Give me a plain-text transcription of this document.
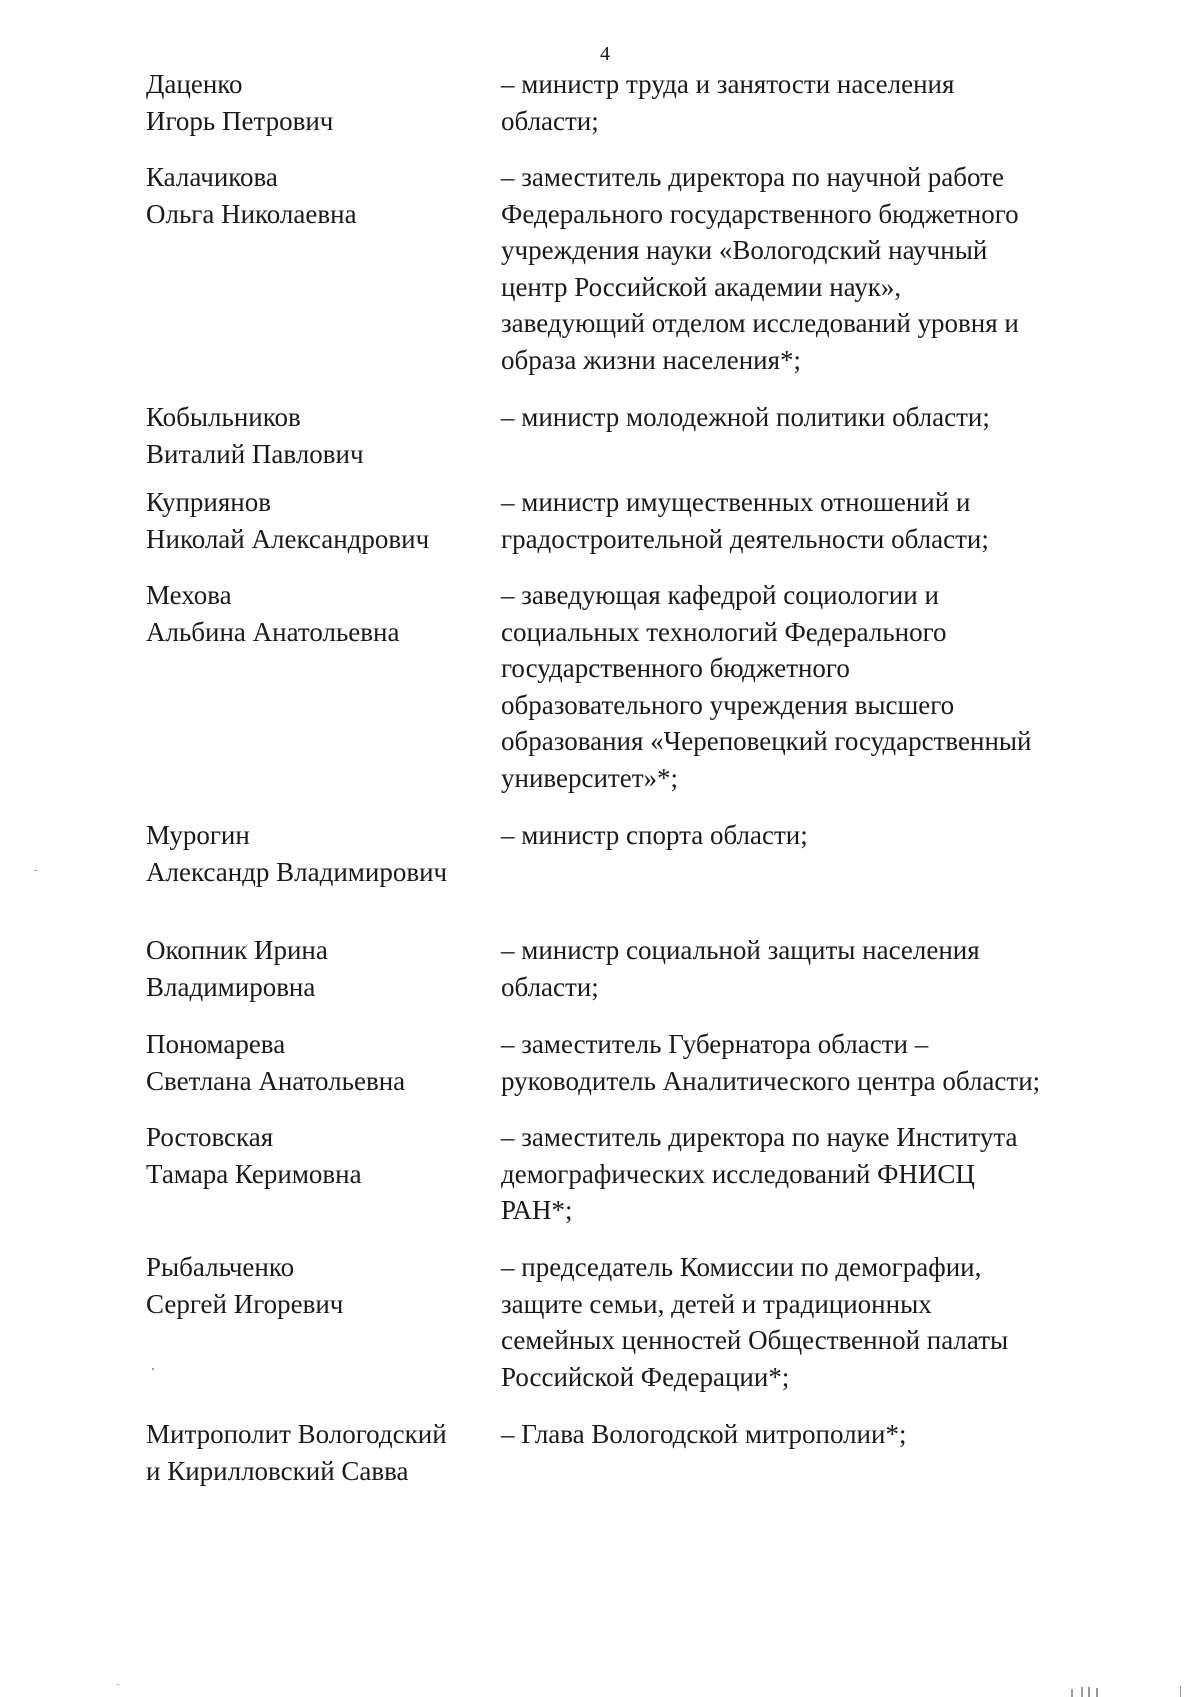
4
Даценко
Игорь Петрович
– министр труда и занятости населения
области;
Калачикова
Ольга Николаевна
– заместитель директора по научной работе
Федерального государственного бюджетного
учреждения науки «Вологодский научный
центр Российской академии наук»,
заведующий отделом исследований уровня и
образа жизни населения*;
Кобыльников
Виталий Павлович
– министр молодежной политики области;
Куприянов
Николай Александрович
– министр имущественных отношений и
градостроительной деятельности области;
Мехова
Альбина Анатольевна
– заведующая кафедрой социологии и
социальных технологий Федерального
государственного бюджетного
образовательного учреждения высшего
образования «Череповецкий государственный
университет»*;
Мурогин
Александр Владимирович
– министр спорта области;
Окопник Ирина
Владимировна
– министр социальной защиты населения
области;
Пономарева
Светлана Анатольевна
– заместитель Губернатора области –
руководитель Аналитического центра области;
Ростовская
Тамара Керимовна
– заместитель директора по науке Института
демографических исследований ФНИСЦ
РАН*;
Рыбальченко
Сергей Игоревич
– председатель Комиссии по демографии,
защите семьи, детей и традиционных
семейных ценностей Общественной палаты
Российской Федерации*;
Митрополит Вологодский
и Кирилловский Савва
– Глава Вологодской митрополии*;
